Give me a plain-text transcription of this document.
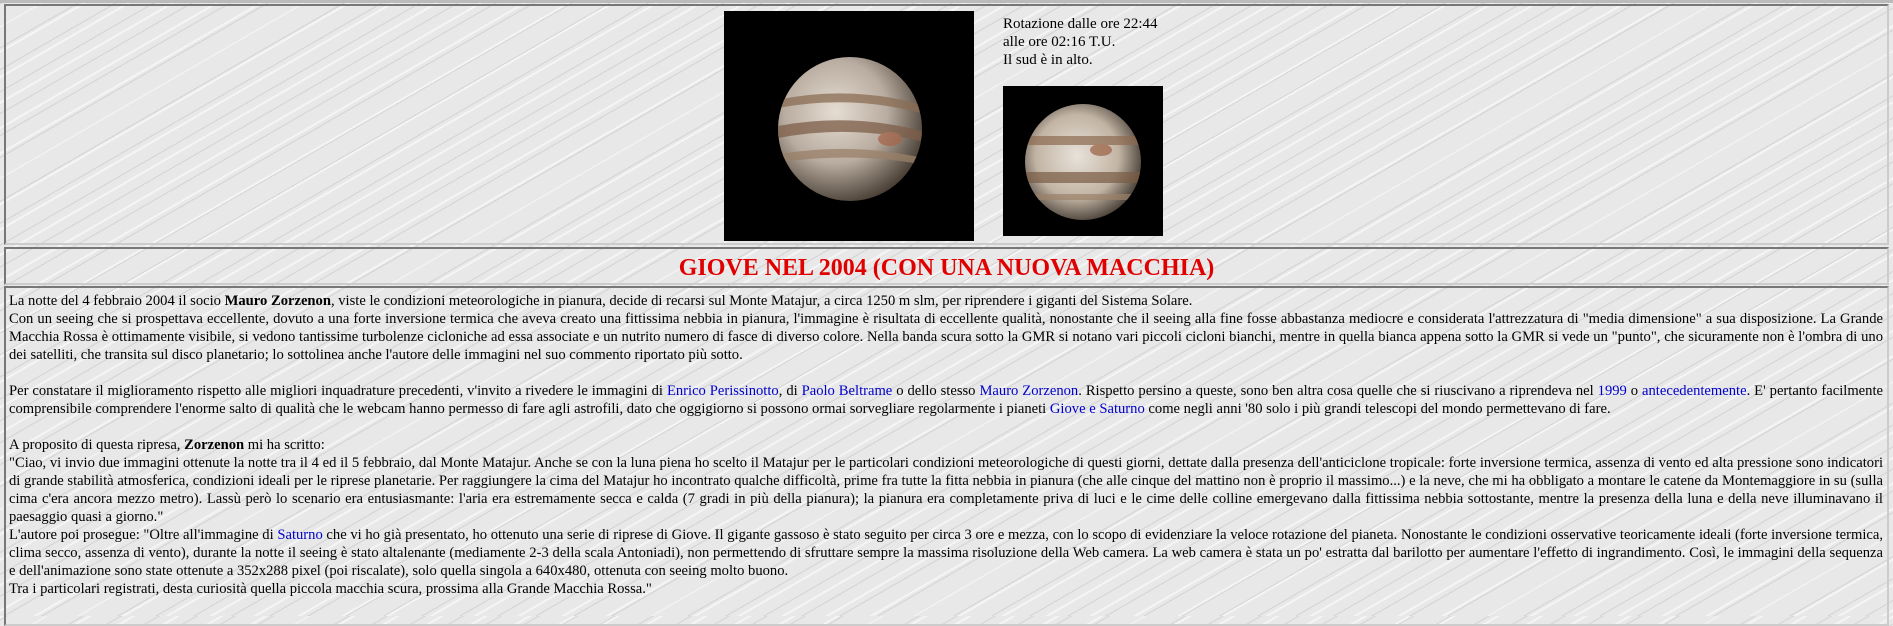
Rotazione dalle ore 22:44
alle ore 02:16 T.U.
Il sud è in alto.
GIOVE NEL 2004 (CON UNA NUOVA MACCHIA)

La notte del 4 febbraio 2004 il socio Mauro Zorzenon, viste le condizioni meteorologiche in pianura, decide di recarsi sul Monte Matajur, a circa 1250 m slm, per riprendere i giganti del Sistema Solare.
Con un seeing che si prospettava eccellente, dovuto a una forte inversione termica che aveva creato una fittissima nebbia in pianura, l'immagine è risultata di eccellente qualità, nonostante che il seeing alla fine fosse abbastanza mediocre e considerata l'attrezzatura di "media dimensione" a sua disposizione. La Grande Macchia Rossa è ottimamente visibile, si vedono tantissime turbolenze cicloniche ad essa associate e un nutrito numero di fasce di diverso colore. Nella banda scura sotto la GMR si notano vari piccoli cicloni bianchi, mentre in quella bianca appena sotto la GMR si vede un "punto", che sicuramente non è l'ombra di uno dei satelliti, che transita sul disco planetario; lo sottolinea anche l'autore delle immagini nel suo commento riportato più sotto.

Per constatare il miglioramento rispetto alle migliori inquadrature precedenti, v'invito a rivedere le immagini di Enrico Perissinotto, di Paolo Beltrame o dello stesso Mauro Zorzenon. Rispetto persino a queste, sono ben altra cosa quelle che si riuscivano a riprendeva nel 1999 o antecedentemente. E' pertanto facilmente comprensibile comprendere l'enorme salto di qualità che le webcam hanno permesso di fare agli astrofili, dato che oggigiorno si possono ormai sorvegliare regolarmente i pianeti Giove e Saturno come negli anni '80 solo i più grandi telescopi del mondo permettevano di fare.

A proposito di questa ripresa, Zorzenon mi ha scritto:
"Ciao, vi invio due immagini ottenute la notte tra il 4 ed il 5 febbraio, dal Monte Matajur. Anche se con la luna piena ho scelto il Matajur per le particolari condizioni meteorologiche di questi giorni, dettate dalla presenza dell'anticiclone tropicale: forte inversione termica, assenza di vento ed alta pressione sono indicatori di grande stabilità atmosferica, condizioni ideali per le riprese planetarie. Per raggiungere la cima del Matajur ho incontrato qualche difficoltà, prime fra tutte la fitta nebbia in pianura (che alle cinque del mattino non è proprio il massimo...) e la neve, che mi ha obbligato a montare le catene da Montemaggiore in su (sulla cima c'era ancora mezzo metro). Lassù però lo scenario era entusiasmante: l'aria era estremamente secca e calda (7 gradi in più della pianura); la pianura era completamente priva di luci e le cime delle colline emergevano dalla fittissima nebbia sottostante, mentre la presenza della luna e della neve illuminavano il paesaggio quasi a giorno."
L'autore poi prosegue: "Oltre all'immagine di Saturno che vi ho già presentato, ho ottenuto una serie di riprese di Giove. Il gigante gassoso è stato seguito per circa 3 ore e mezza, con lo scopo di evidenziare la veloce rotazione del pianeta. Nonostante le condizioni osservative teoricamente ideali (forte inversione termica, clima secco, assenza di vento), durante la notte il seeing è stato altalenante (mediamente 2-3 della scala Antoniadi), non permettendo di sfruttare sempre la massima risoluzione della Web camera. La web camera è stata un po' estratta dal barilotto per aumentare l'effetto di ingrandimento. Così, le immagini della sequenza e dell'animazione sono state ottenute a 352x288 pixel (poi riscalate), solo quella singola a 640x480, ottenuta con seeing molto buono.
Tra i particolari registrati, desta curiosità quella piccola macchia scura, prossima alla Grande Macchia Rossa."
